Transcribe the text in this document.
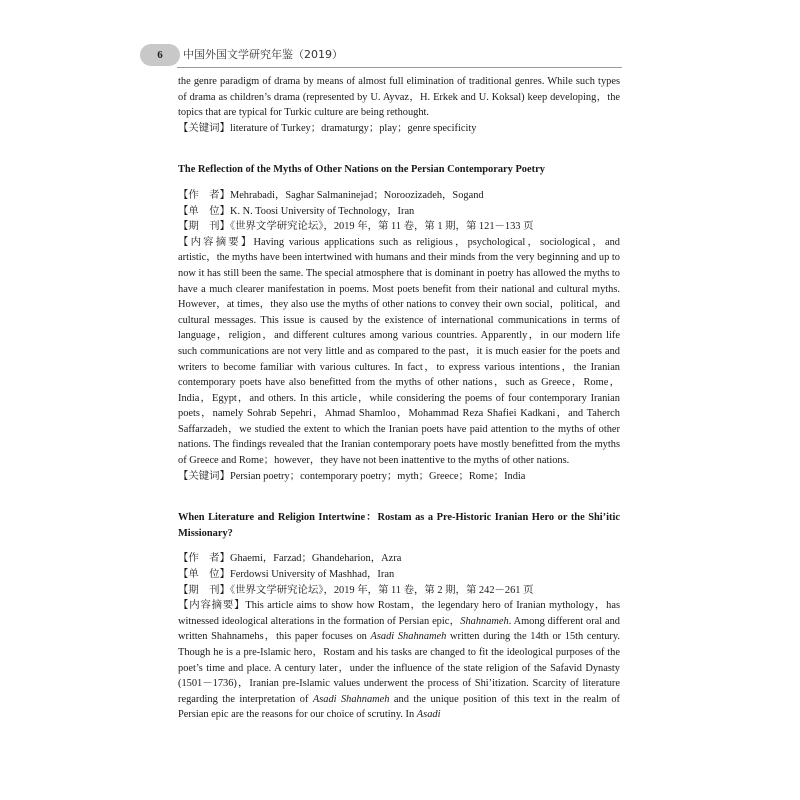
6	中国外国文学研究年鉴（2019）

the genre paradigm of drama by means of almost full elimination of traditional genres. While such types of drama as children’s drama (represented by U. Ayvaz，H. Erkek and U. Koksal) keep developing，the topics that are typical for Turkic culture are being rethought.

【关键词】literature of Turkey；dramaturgy；play；genre specificity

The Reflection of the Myths of Other Nations on the Persian Contemporary Poetry

【作　者】Mehrabadi，Saghar Salmaninejad；Noroozizadeh，Sogand

【单　位】K. N. Toosi University of Technology，Iran

【期　刊】《世界文学研究论坛》，2019 年，第 11 卷，第 1 期，第 121－133 页

【内容摘要】Having various applications such as religious，psychological，sociological，and artistic，the myths have been intertwined with humans and their minds from the very beginning and up to now it has still been the same. The special atmosphere that is dominant in poetry has allowed the myths to have a much clearer manifestation in poems. Most poets benefit from their national and cultural myths. However，at times，they also use the myths of other nations to convey their own social，political，and cultural messages. This issue is caused by the existence of international communications in terms of language，religion，and different cultures among various countries. Apparently，in our modern life such communications are not very little and as compared to the past，it is much easier for the poets and writers to become familiar with various cultures. In fact，to express various intentions，the Iranian contemporary poets have also benefitted from the myths of other nations，such as Greece，Rome，India，Egypt，and others. In this article，while considering the poems of four contemporary Iranian poets，namely Sohrab Sepehri，Ahmad Shamloo，Mohammad Reza Shafiei Kadkani，and Taherch Saffarzadeh，we studied the extent to which the Iranian poets have paid attention to the myths of other nations. The findings revealed that the Iranian contemporary poets have mostly benefitted from the myths of Greece and Rome；however，they have not been inattentive to the myths of other nations.

【关键词】Persian poetry；contemporary poetry；myth；Greece；Rome；India

When Literature and Religion Intertwine：Rostam as a Pre-Historic Iranian Hero or the Shi’itic Missionary?

【作　者】Ghaemi，Farzad；Ghandeharion，Azra

【单　位】Ferdowsi University of Mashhad，Iran

【期　刊】《世界文学研究论坛》，2019 年，第 11 卷，第 2 期，第 242－261 页

【内容摘要】This article aims to show how Rostam，the legendary hero of Iranian mythology，has witnessed ideological alterations in the formation of Persian epic，Shahnameh. Among different oral and written Shahnamehs，this paper focuses on Asadi Shahnameh written during the 14th or 15th century. Though he is a pre-Islamic hero，Rostam and his tasks are changed to fit the ideological purposes of the poet’s time and place. A century later，under the influence of the state religion of the Safavid Dynasty (1501－1736)，Iranian pre-Islamic values underwent the process of Shi’itization. Scarcity of literature regarding the interpretation of Asadi Shahnameh and the unique position of this text in the realm of Persian epic are the reasons for our choice of scrutiny. In Asadi
